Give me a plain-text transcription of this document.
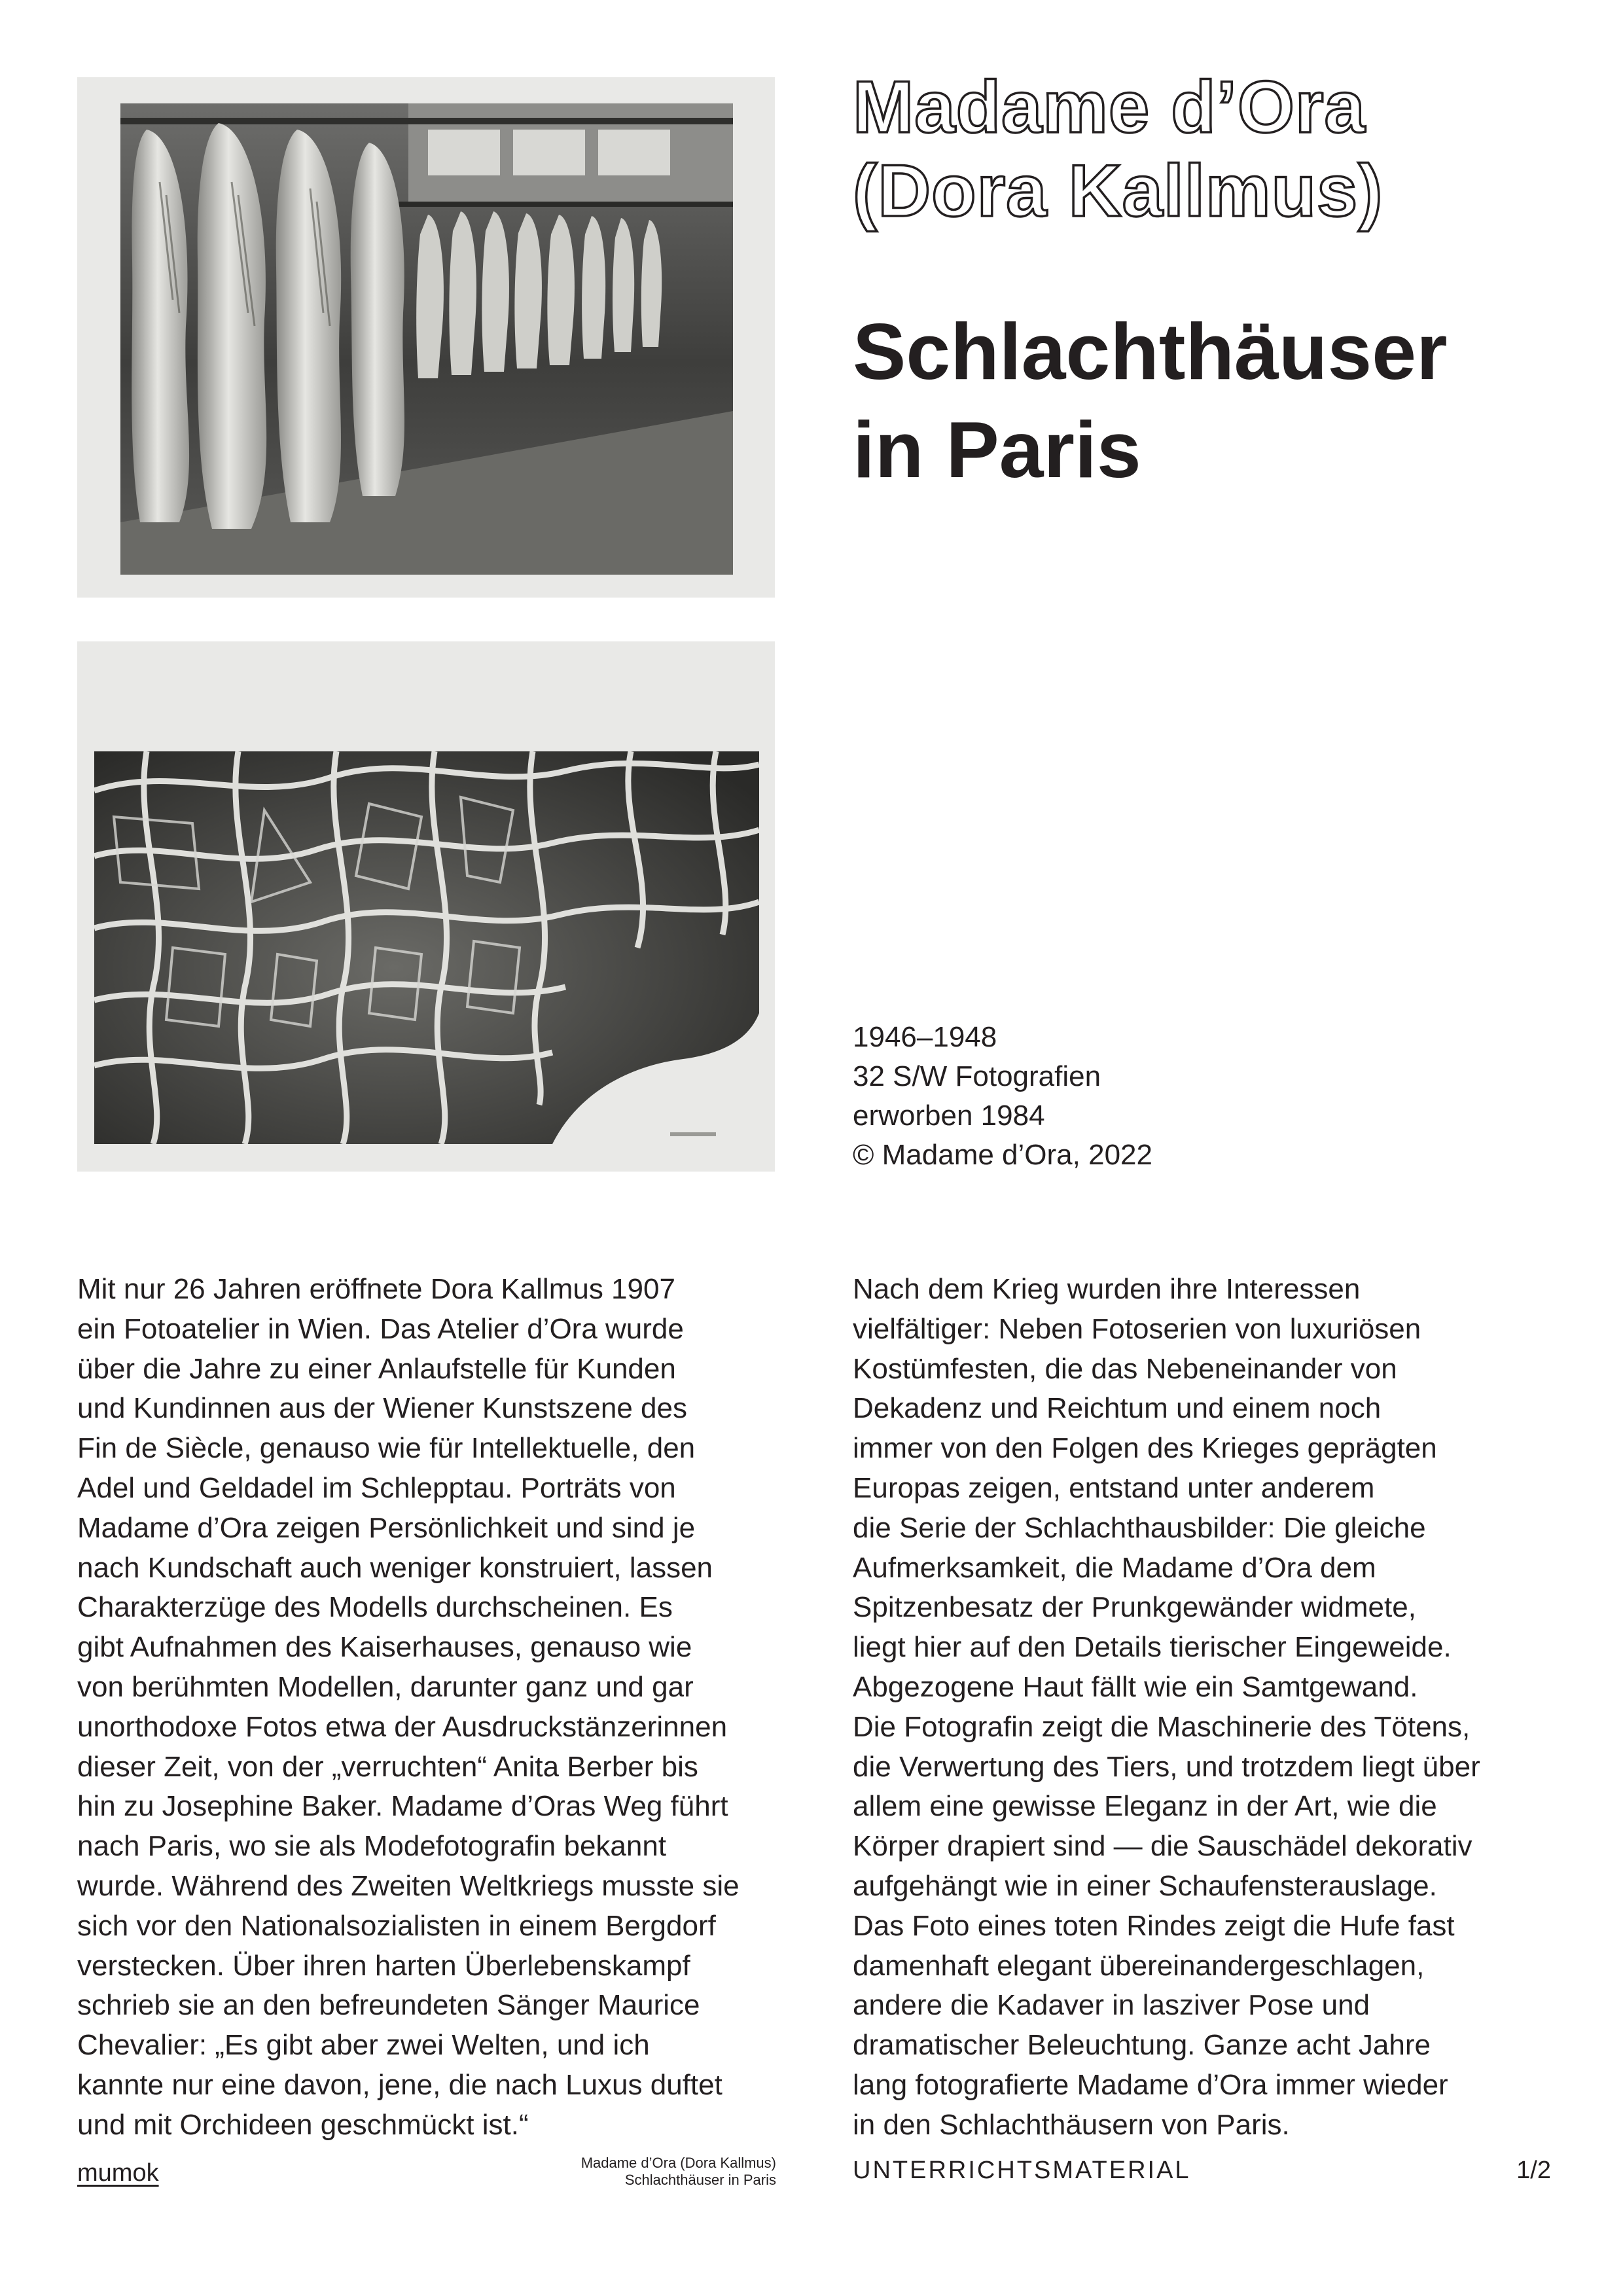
Madame d’Ora
(Dora Kallmus)
Schlachthäuser
in Paris
1946–1948
32 S/W Fotografien
erworben 1984
© Madame d’Ora, 2022
Mit nur 26 Jahren eröffnete Dora Kallmus 1907
ein Fotoatelier in Wien. Das Atelier d’Ora wurde
über die Jahre zu einer Anlaufstelle für Kunden
und Kundinnen aus der Wiener Kunstszene des
Fin de Siècle, genauso wie für Intellektuelle, den
Adel und Geldadel im Schlepptau. Porträts von
Madame d’Ora zeigen Persönlichkeit und sind je
nach Kundschaft auch weniger konstruiert, lassen
Charakterzüge des Modells durchscheinen. Es
gibt Aufnahmen des Kaiserhauses, genauso wie
von berühmten Modellen, darunter ganz und gar
unorthodoxe Fotos etwa der Ausdruckstänzerinnen
dieser Zeit, von der „verruchten“ Anita Berber bis
hin zu Josephine Baker. Madame d’Oras Weg führt
nach Paris, wo sie als Modefotografin bekannt
wurde. Während des Zweiten Weltkriegs musste sie
sich vor den Nationalsozialisten in einem Bergdorf
verstecken. Über ihren harten Überlebenskampf
schrieb sie an den befreundeten Sänger Maurice
Chevalier: „Es gibt aber zwei Welten, und ich
kannte nur eine davon, jene, die nach Luxus duftet
und mit Orchideen geschmückt ist.“
Nach dem Krieg wurden ihre Interessen
vielfältiger: Neben Fotoserien von luxuriösen
Kostümfesten, die das Nebeneinander von
Dekadenz und Reichtum und einem noch
immer von den Folgen des Krieges geprägten
Europas zeigen, entstand unter anderem
die Serie der Schlachthausbilder: Die gleiche
Aufmerksamkeit, die Madame d’Ora dem
Spitzenbesatz der Prunkgewänder widmete,
liegt hier auf den Details tierischer Eingeweide.
Abgezogene Haut fällt wie ein Samtgewand.
Die Fotografin zeigt die Maschinerie des Tötens,
die Verwertung des Tiers, und trotzdem liegt über
allem eine gewisse Eleganz in der Art, wie die
Körper drapiert sind — die Sauschädel dekorativ
aufgehängt wie in einer Schaufensterauslage.
Das Foto eines toten Rindes zeigt die Hufe fast
damenhaft elegant übereinandergeschlagen,
andere die Kadaver in lasziver Pose und
dramatischer Beleuchtung. Ganze acht Jahre
lang fotografierte Madame d’Ora immer wieder
in den Schlachthäusern von Paris.
mumok	Madame d’Ora (Dora Kallmus)
Schlachthäuser in Paris	UNTERRICHTSMATERIAL	1/2
